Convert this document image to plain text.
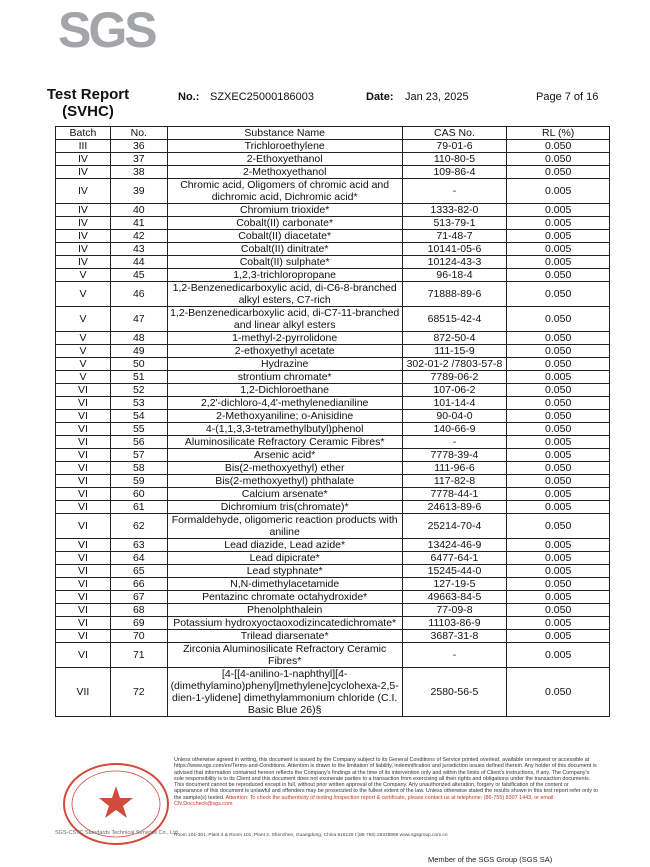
SGS
Test Report
(SVHC)
No.: SZXEC25000186003	Date: Jan 23, 2025	Page 7 of 16
Batch	No.	Substance Name	CAS No.	RL (%)
III	36	Trichloroethylene	79-01-6	0.050
IV	37	2-Ethoxyethanol	110-80-5	0.050
IV	38	2-Methoxyethanol	109-86-4	0.050
IV	39	Chromic acid, Oligomers of chromic acid and dichromic acid, Dichromic acid*	-	0.005
IV	40	Chromium trioxide*	1333-82-0	0.005
IV	41	Cobalt(II) carbonate*	513-79-1	0.005
IV	42	Cobalt(II) diacetate*	71-48-7	0.005
IV	43	Cobalt(II) dinitrate*	10141-05-6	0.005
IV	44	Cobalt(II) sulphate*	10124-43-3	0.005
V	45	1,2,3-trichloropropane	96-18-4	0.050
V	46	1,2-Benzenedicarboxylic acid, di-C6-8-branched alkyl esters, C7-rich	71888-89-6	0.050
V	47	1,2-Benzenedicarboxylic acid, di-C7-11-branched and linear alkyl esters	68515-42-4	0.050
V	48	1-methyl-2-pyrrolidone	872-50-4	0.050
V	49	2-ethoxyethyl acetate	111-15-9	0.050
V	50	Hydrazine	302-01-2 /7803-57-8	0.050
V	51	strontium chromate*	7789-06-2	0.005
VI	52	1,2-Dichloroethane	107-06-2	0.050
VI	53	2,2'-dichloro-4,4'-methylenedianiline	101-14-4	0.050
VI	54	2-Methoxyaniline; o-Anisidine	90-04-0	0.050
VI	55	4-(1,1,3,3-tetramethylbutyl)phenol	140-66-9	0.050
VI	56	Aluminosilicate Refractory Ceramic Fibres*	-	0.005
VI	57	Arsenic acid*	7778-39-4	0.005
VI	58	Bis(2-methoxyethyl) ether	111-96-6	0.050
VI	59	Bis(2-methoxyethyl) phthalate	117-82-8	0.050
VI	60	Calcium arsenate*	7778-44-1	0.005
VI	61	Dichromium tris(chromate)*	24613-89-6	0.005
VI	62	Formaldehyde, oligomeric reaction products with aniline	25214-70-4	0.050
VI	63	Lead diazide, Lead azide*	13424-46-9	0.005
VI	64	Lead dipicrate*	6477-64-1	0.005
VI	65	Lead styphnate*	15245-44-0	0.005
VI	66	N,N-dimethylacetamide	127-19-5	0.050
VI	67	Pentazinc chromate octahydroxide*	49663-84-5	0.005
VI	68	Phenolphthalein	77-09-8	0.050
VI	69	Potassium hydroxyoctaoxodizincatedichromate*	11103-86-9	0.005
VI	70	Trilead diarsenate*	3687-31-8	0.005
VI	71	Zirconia Aluminosilicate Refractory Ceramic Fibres*	-	0.005
VII	72	[4-[[4-anilino-1-naphthyl][4-(dimethylamino)phenyl]methylene]cyclohexa-2,5-dien-1-ylidene] dimethylammonium chloride (C.I. Basic Blue 26)§	2580-56-5	0.050
Unless otherwise agreed in writing, this document is issued by the Company subject to its General Conditions of Service printed overleaf, available on request or accessible at https://www.sgs.com/en/Terms-and-Conditions. Attention is drawn to the limitation of liability, indemnification and jurisdiction issues defined therein. Any holder of this document is advised that information contained hereon reflects the Company's findings at the time of its intervention only and within the limits of Client's instructions, if any. The Company's sole responsibility is to its Client and this document does not exonerate parties to a transaction from exercising all their rights and obligations under the transaction documents. This document cannot be reproduced except in full, without prior written approval of the Company. Any unauthorized alteration, forgery or falsification of the content or appearance of this document is unlawful and offenders may be prosecuted to the fullest extent of the law. Unless otherwise stated the results shown in this test report refer only to the sample(s) tested. Attention: To check the authenticity of testing /inspection report & certificate, please contact us at telephone: (86-755) 8307 1443, or email: CN.Doccheck@sgs.com
SGS-CSTC Standards Technical Services Co., Ltd.
Room 101-301, Plant 4 & Room 101, Plant 2, Shenzhen, Guangdong, China 518129 t (86-755) 25328888 www.sgsgroup.com.cn
Member of the SGS Group (SGS SA)
